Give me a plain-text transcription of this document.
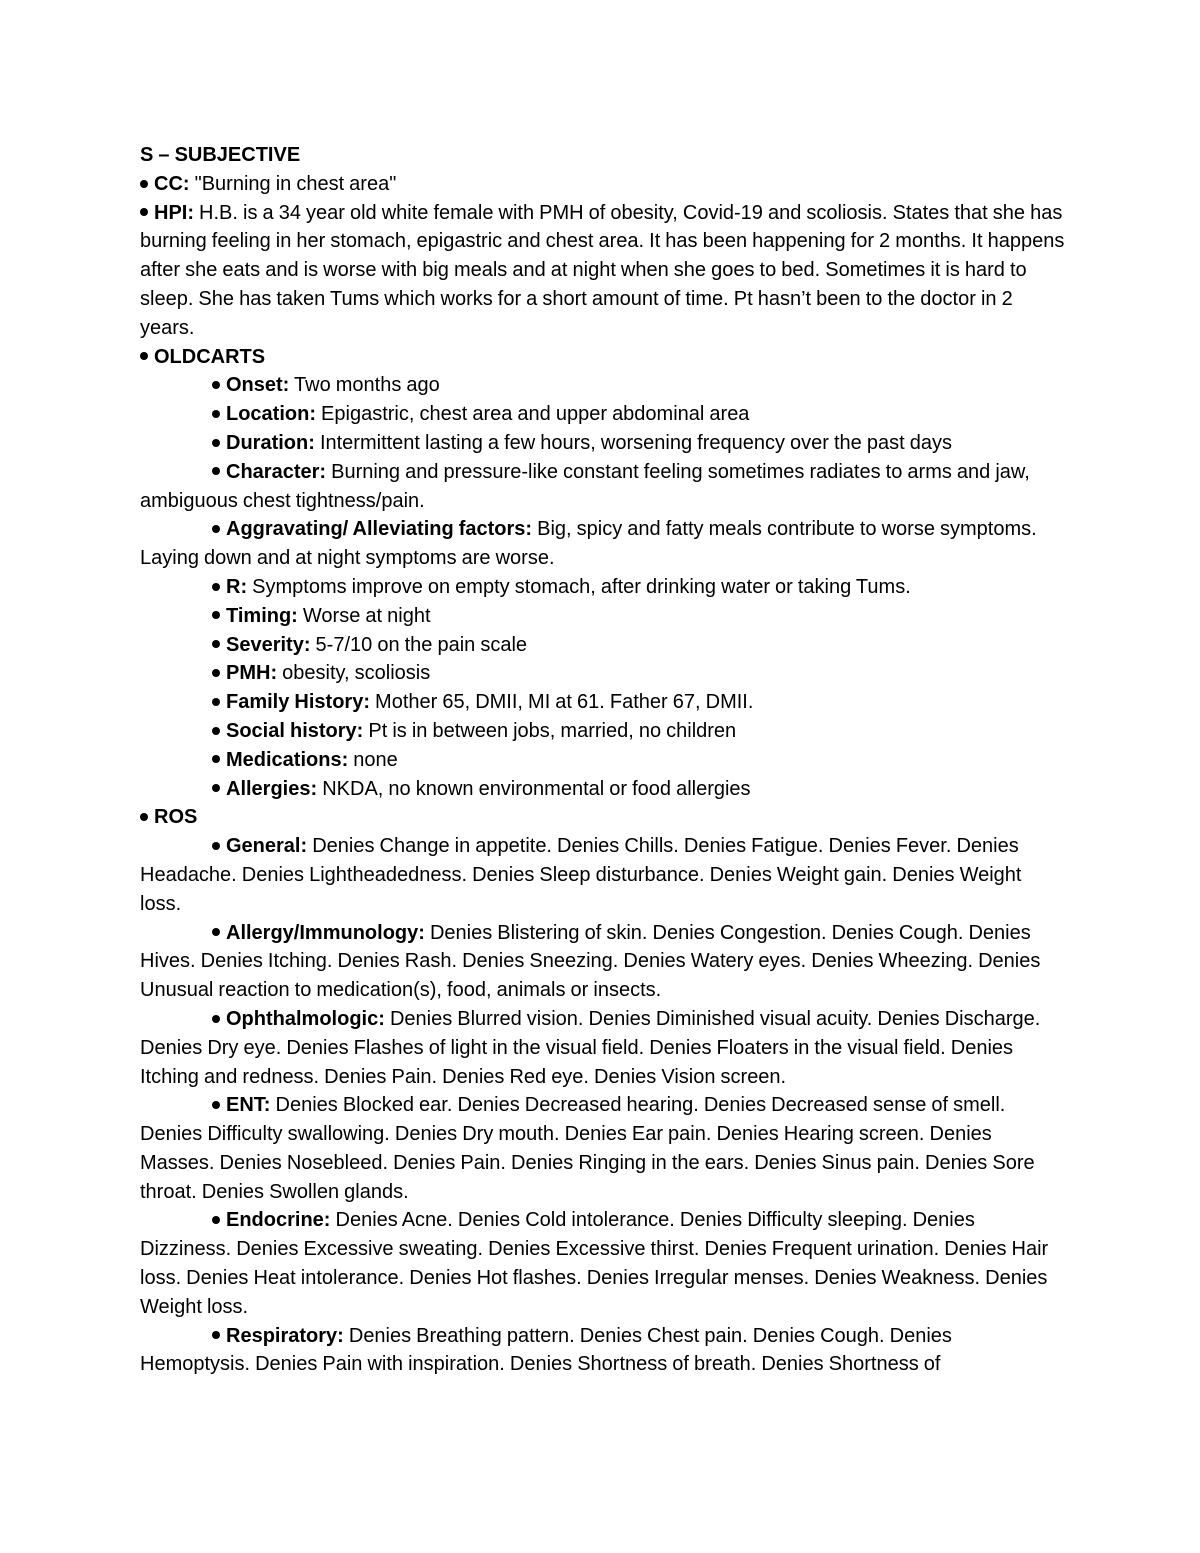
S – SUBJECTIVE

CC: "Burning in chest area"

HPI: H.B. is a 34 year old white female with PMH of obesity, Covid-19 and scoliosis. States that she has burning feeling in her stomach, epigastric and chest area. It has been happening for 2 months. It happens after she eats and is worse with big meals and at night when she goes to bed. Sometimes it is hard to sleep. She has taken Tums which works for a short amount of time. Pt hasn’t been to the doctor in 2 years.

OLDCARTS

Onset: Two months ago

Location: Epigastric, chest area and upper abdominal area

Duration: Intermittent lasting a few hours, worsening frequency over the past days

Character: Burning and pressure-like constant feeling sometimes radiates to arms and jaw, ambiguous chest tightness/pain.

Aggravating/ Alleviating factors: Big, spicy and fatty meals contribute to worse symptoms. Laying down and at night symptoms are worse.

R: Symptoms improve on empty stomach, after drinking water or taking Tums.

Timing: Worse at night

Severity: 5-7/10 on the pain scale

PMH: obesity, scoliosis

Family History: Mother 65, DMII, MI at 61. Father 67, DMII.

Social history: Pt is in between jobs, married, no children

Medications: none

Allergies: NKDA, no known environmental or food allergies

ROS

General: Denies Change in appetite. Denies Chills. Denies Fatigue. Denies Fever. Denies Headache. Denies Lightheadedness. Denies Sleep disturbance. Denies Weight gain. Denies Weight loss.

Allergy/Immunology: Denies Blistering of skin. Denies Congestion. Denies Cough. Denies Hives. Denies Itching. Denies Rash. Denies Sneezing. Denies Watery eyes. Denies Wheezing. Denies Unusual reaction to medication(s), food, animals or insects.

Ophthalmologic: Denies Blurred vision. Denies Diminished visual acuity. Denies Discharge. Denies Dry eye. Denies Flashes of light in the visual field. Denies Floaters in the visual field. Denies Itching and redness. Denies Pain. Denies Red eye. Denies Vision screen.

ENT: Denies Blocked ear. Denies Decreased hearing. Denies Decreased sense of smell. Denies Difficulty swallowing. Denies Dry mouth. Denies Ear pain. Denies Hearing screen. Denies Masses. Denies Nosebleed. Denies Pain. Denies Ringing in the ears. Denies Sinus pain. Denies Sore throat. Denies Swollen glands.

Endocrine: Denies Acne. Denies Cold intolerance. Denies Difficulty sleeping. Denies Dizziness. Denies Excessive sweating. Denies Excessive thirst. Denies Frequent urination. Denies Hair loss. Denies Heat intolerance. Denies Hot flashes. Denies Irregular menses. Denies Weakness. Denies Weight loss.

Respiratory: Denies Breathing pattern. Denies Chest pain. Denies Cough. Denies Hemoptysis. Denies Pain with inspiration. Denies Shortness of breath. Denies Shortness of
